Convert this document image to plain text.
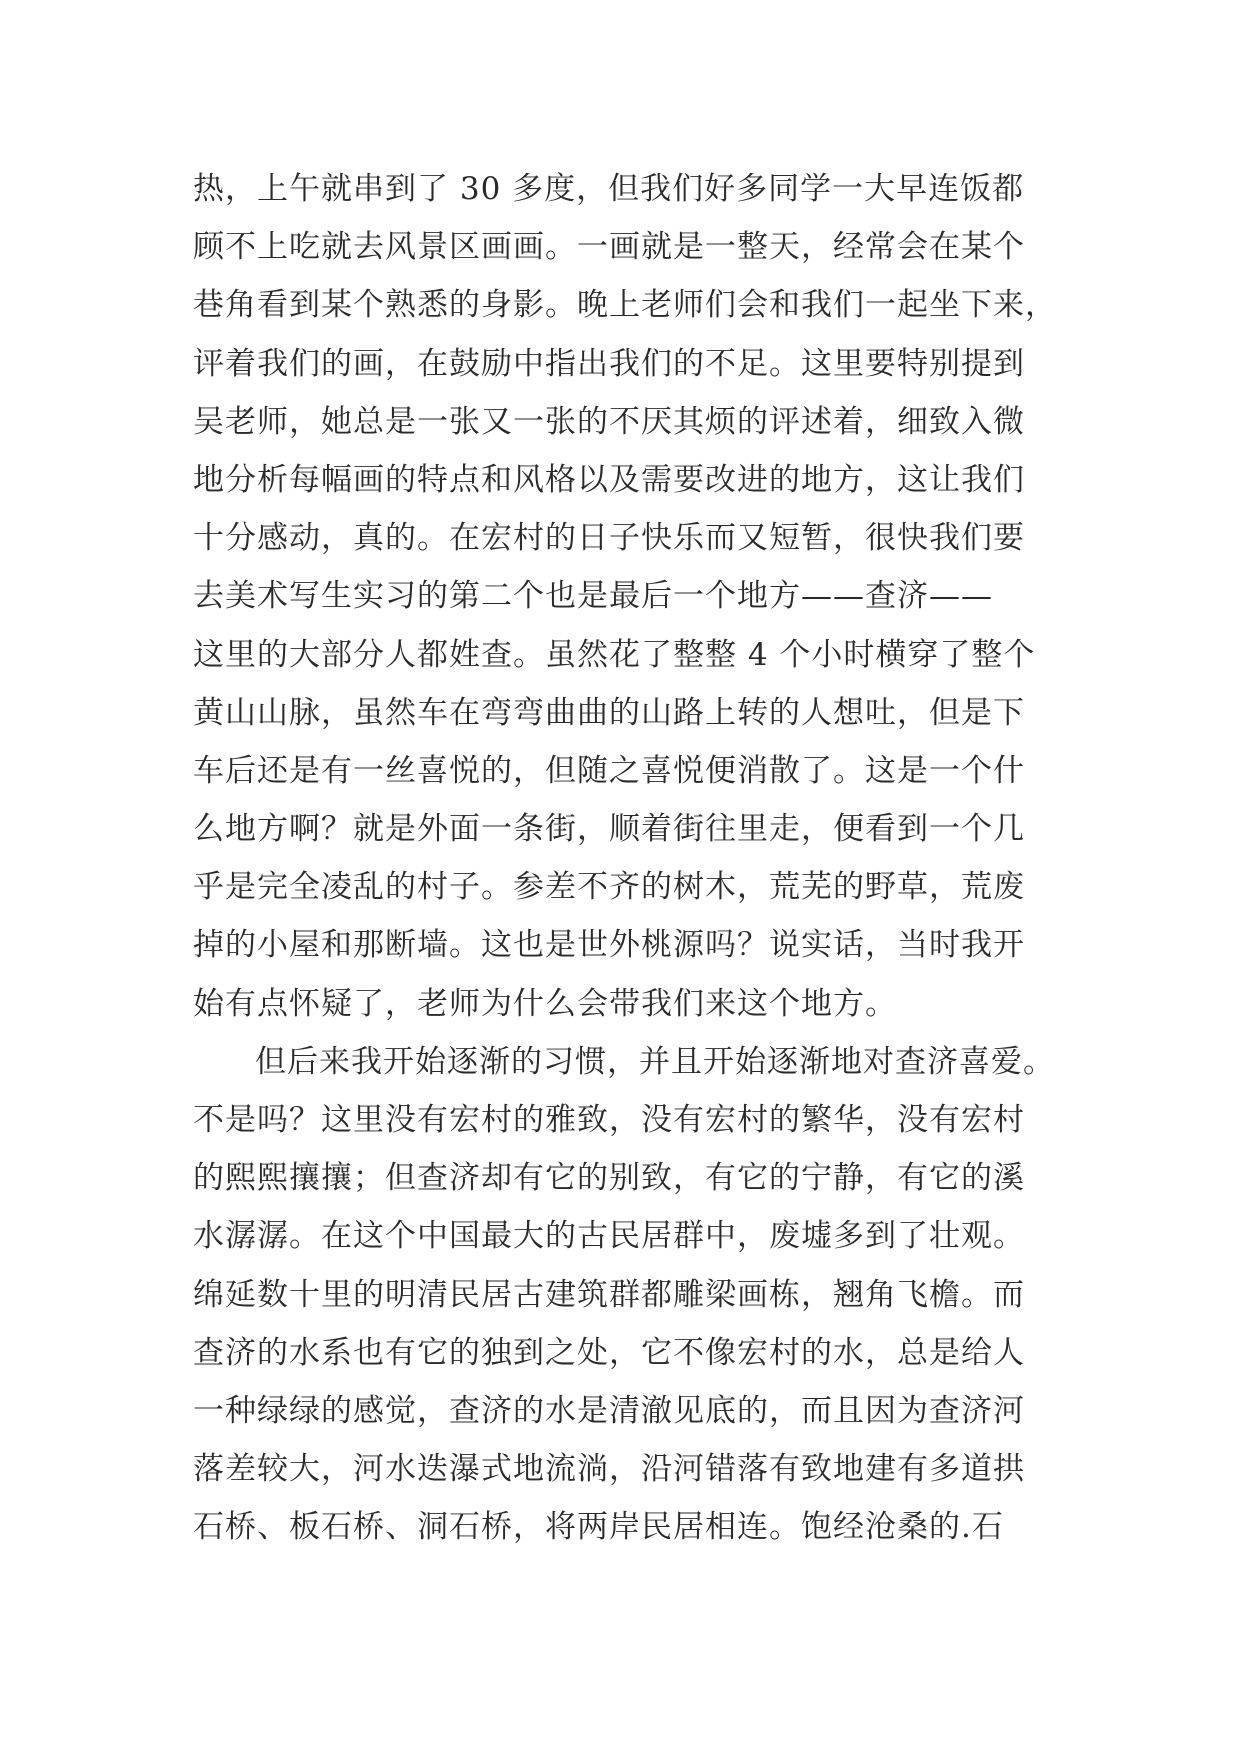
热，上午就串到了 30 多度，但我们好多同学一大早连饭都
顾不上吃就去风景区画画。一画就是一整天，经常会在某个
巷角看到某个熟悉的身影。晚上老师们会和我们一起坐下来，
评着我们的画，在鼓励中指出我们的不足。这里要特别提到
吴老师，她总是一张又一张的不厌其烦的评述着，细致入微
地分析每幅画的特点和风格以及需要改进的地方，这让我们
十分感动，真的。在宏村的日子快乐而又短暂，很快我们要
去美术写生实习的第二个也是最后一个地方——查济——
这里的大部分人都姓查。虽然花了整整 4 个小时横穿了整个
黄山山脉，虽然车在弯弯曲曲的山路上转的人想吐，但是下
车后还是有一丝喜悦的，但随之喜悦便消散了。这是一个什
么地方啊？就是外面一条街，顺着街往里走，便看到一个几
乎是完全凌乱的村子。参差不齐的树木，荒芜的野草，荒废
掉的小屋和那断墙。这也是世外桃源吗？说实话，当时我开
始有点怀疑了，老师为什么会带我们来这个地方。
但后来我开始逐渐的习惯，并且开始逐渐地对查济喜爱。
不是吗？这里没有宏村的雅致，没有宏村的繁华，没有宏村
的熙熙攘攘；但查济却有它的别致，有它的宁静，有它的溪
水潺潺。在这个中国最大的古民居群中，废墟多到了壮观。
绵延数十里的明清民居古建筑群都雕梁画栋，翘角飞檐。而
查济的水系也有它的独到之处，它不像宏村的水，总是给人
一种绿绿的感觉，查济的水是清澈见底的，而且因为查济河
落差较大，河水迭瀑式地流淌，沿河错落有致地建有多道拱
石桥、板石桥、洞石桥，将两岸民居相连。饱经沧桑的.石
